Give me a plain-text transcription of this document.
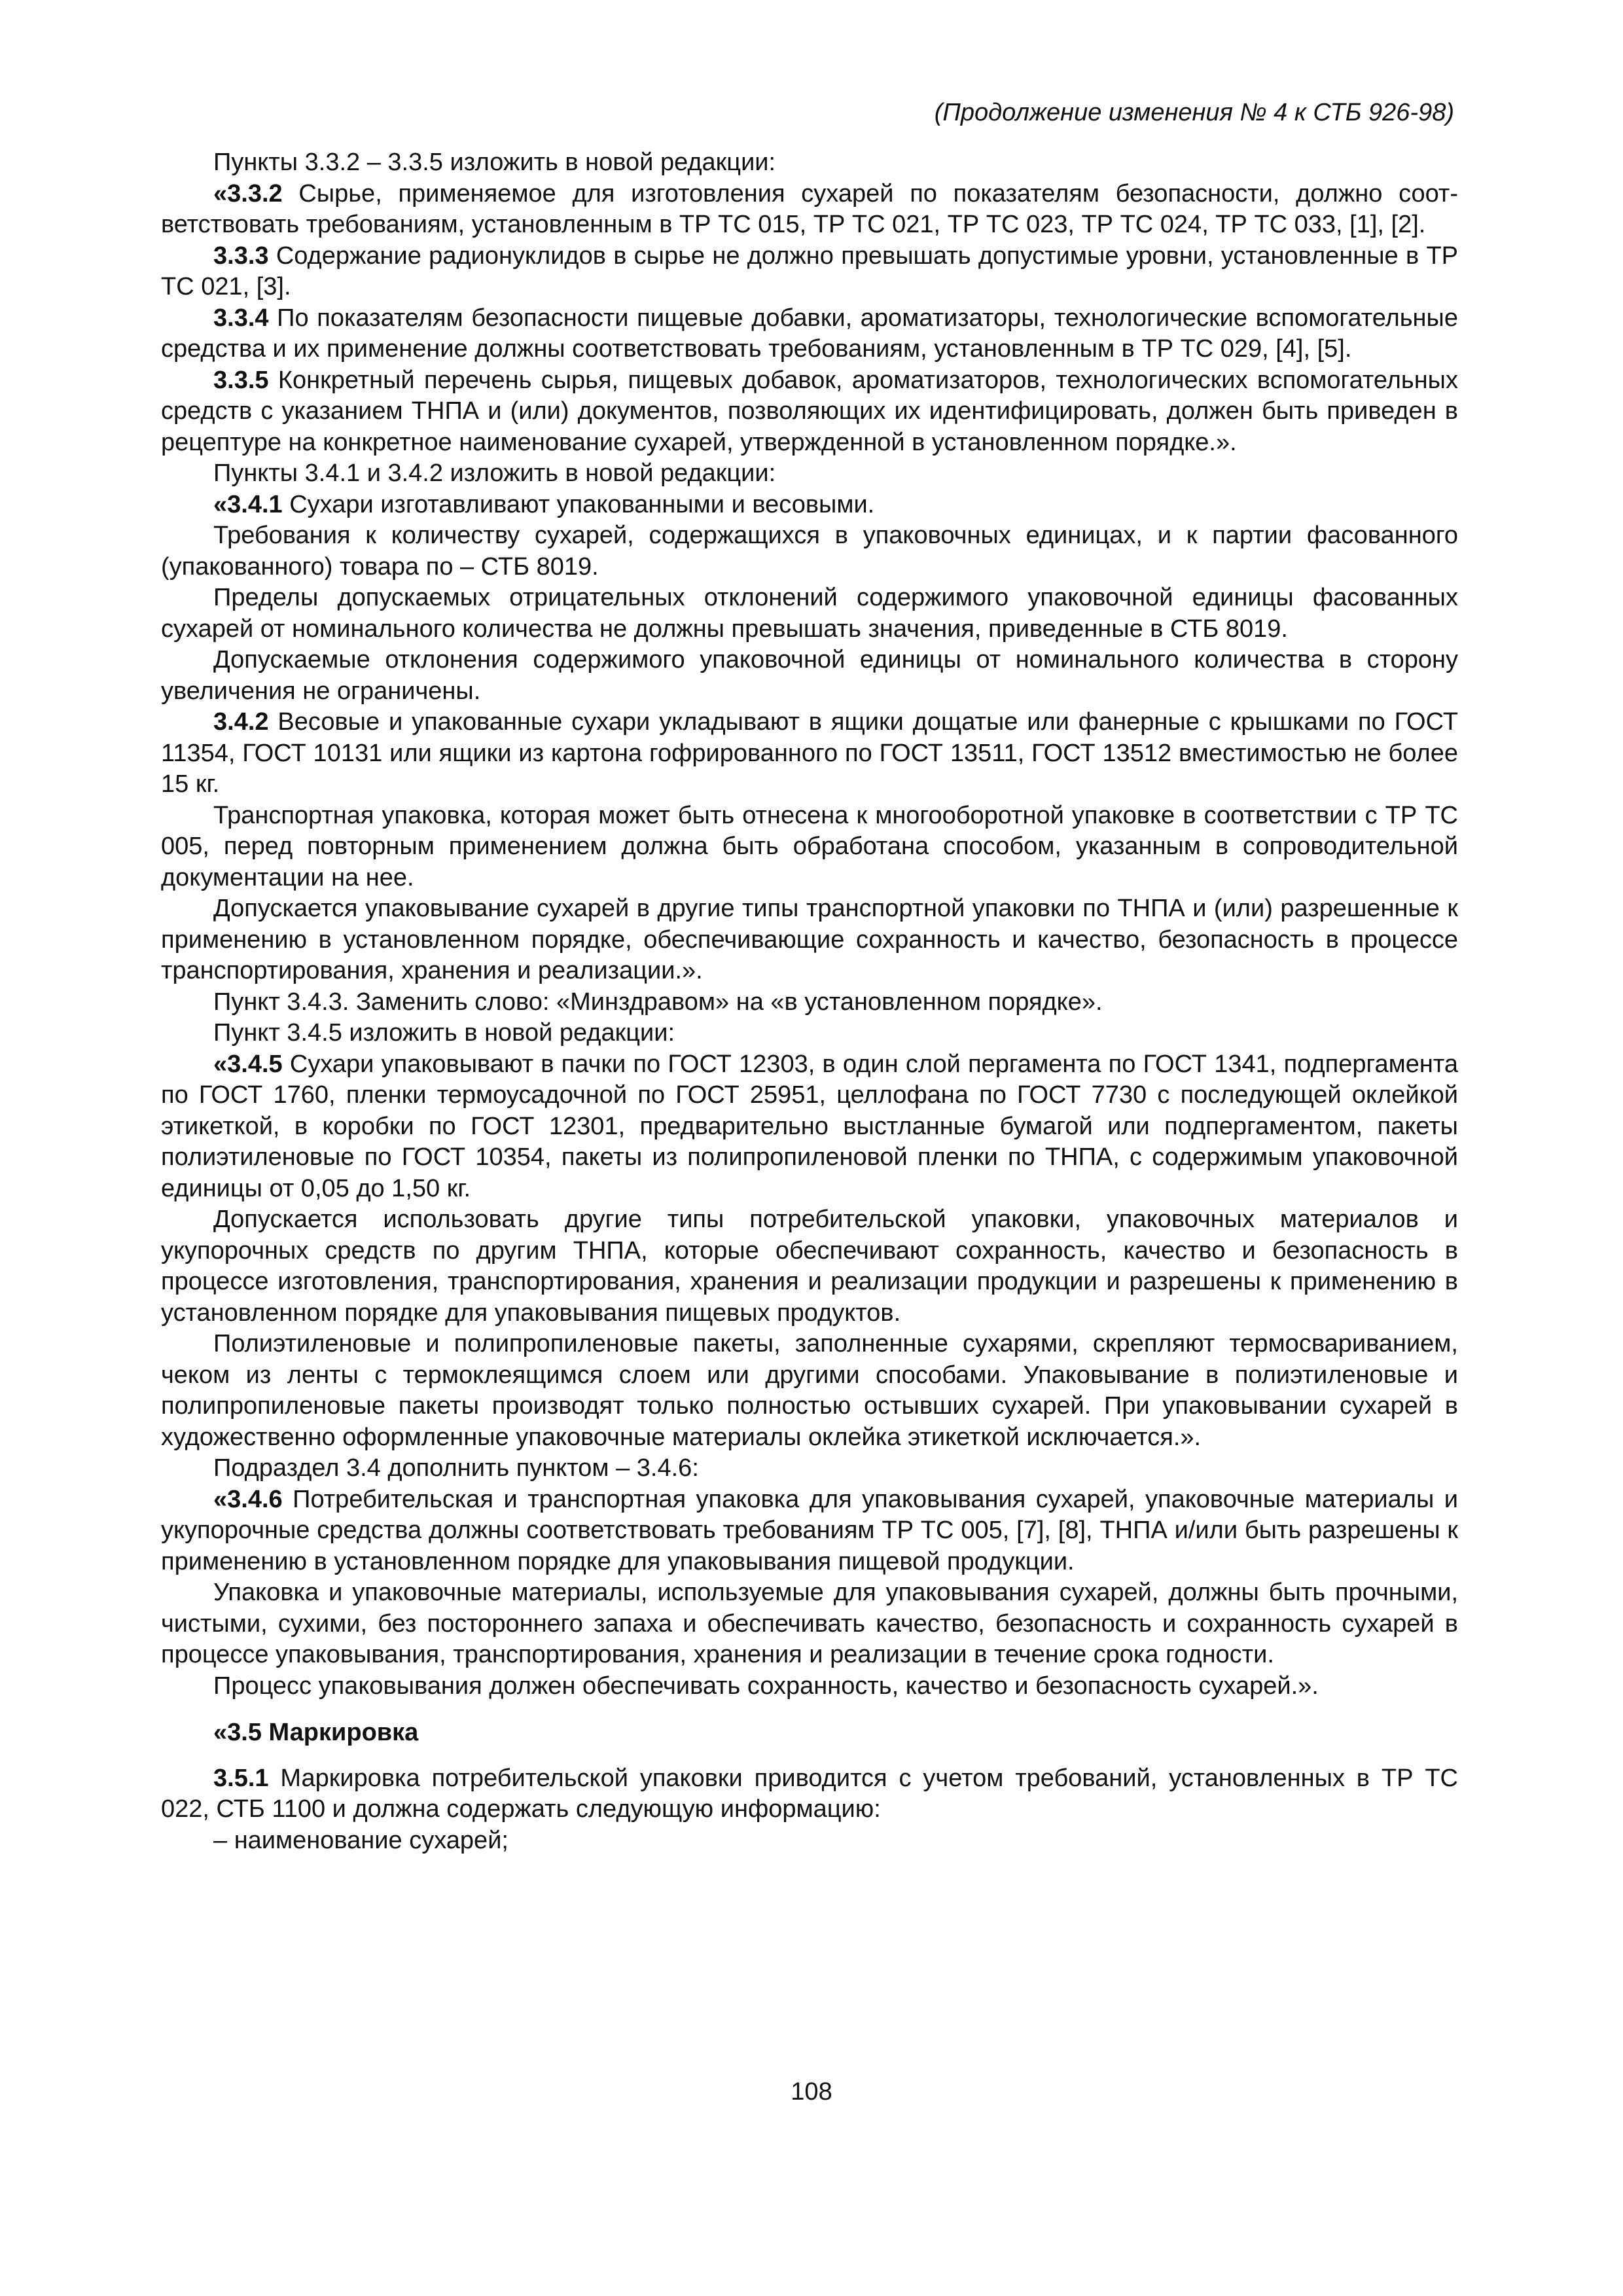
(Продолжение изменения № 4 к СТБ 926-98)

Пункты 3.3.2 – 3.3.5 изложить в новой редакции:

«3.3.2 Сырье, применяемое для изготовления сухарей по показателям безопасности, должно соответствовать требованиям, установленным в ТР ТС 015, ТР ТС 021, ТР ТС 023, ТР ТС 024, ТР ТС 033, [1], [2].

3.3.3 Содержание радионуклидов в сырье не должно превышать допустимые уровни, установленные в ТР ТС 021, [3].

3.3.4 По показателям безопасности пищевые добавки, ароматизаторы, технологические вспомогательные средства и их применение должны соответствовать требованиям, установленным в ТР ТС 029, [4], [5].

3.3.5 Конкретный перечень сырья, пищевых добавок, ароматизаторов, технологических вспомогательных средств с указанием ТНПА и (или) документов, позволяющих их идентифицировать, должен быть приведен в рецептуре на конкретное наименование сухарей, утвержденной в установленном порядке.».

Пункты 3.4.1 и 3.4.2 изложить в новой редакции:

«3.4.1 Сухари изготавливают упакованными и весовыми.

Требования к количеству сухарей, содержащихся в упаковочных единицах, и к партии фасованного (упакованного) товара по – СТБ 8019.

Пределы допускаемых отрицательных отклонений содержимого упаковочной единицы фасованных сухарей от номинального количества не должны превышать значения, приведенные в СТБ 8019.

Допускаемые отклонения содержимого упаковочной единицы от номинального количества в сторону увеличения не ограничены.

3.4.2 Весовые и упакованные сухари укладывают в ящики дощатые или фанерные с крышками по ГОСТ 11354, ГОСТ 10131 или ящики из картона гофрированного по ГОСТ 13511, ГОСТ 13512 вместимостью не более 15 кг.

Транспортная упаковка, которая может быть отнесена к многооборотной упаковке в соответствии с ТР ТС 005, перед повторным применением должна быть обработана способом, указанным в сопроводительной документации на нее.

Допускается упаковывание сухарей в другие типы транспортной упаковки по ТНПА и (или) разрешенные к применению в установленном порядке, обеспечивающие сохранность и качество, безопасность в процессе транспортирования, хранения и реализации.».

Пункт 3.4.3. Заменить слово: «Минздравом» на «в установленном порядке».

Пункт 3.4.5 изложить в новой редакции:

«3.4.5 Сухари упаковывают в пачки по ГОСТ 12303, в один слой пергамента по ГОСТ 1341, подпергамента по ГОСТ 1760, пленки термоусадочной по ГОСТ 25951, целлофана по ГОСТ 7730 с последующей оклейкой этикеткой, в коробки по ГОСТ 12301, предварительно выстланные бумагой или подпергаментом, пакеты полиэтиленовые по ГОСТ 10354, пакеты из полипропиленовой пленки по ТНПА, с содержимым упаковочной единицы от 0,05 до 1,50 кг.

Допускается использовать другие типы потребительской упаковки, упаковочных материалов и укупорочных средств по другим ТНПА, которые обеспечивают сохранность, качество и безопасность в процессе изготовления, транспортирования, хранения и реализации продукции и разрешены к применению в установленном порядке для упаковывания пищевых продуктов.

Полиэтиленовые и полипропиленовые пакеты, заполненные сухарями, скрепляют термосвариванием, чеком из ленты с термоклеящимся слоем или другими способами. Упаковывание в полиэтиленовые и полипропиленовые пакеты производят только полностью остывших сухарей. При упаковывании сухарей в художественно оформленные упаковочные материалы оклейка этикеткой исключается.».

Подраздел 3.4 дополнить пунктом – 3.4.6:

«3.4.6 Потребительская и транспортная упаковка для упаковывания сухарей, упаковочные материалы и укупорочные средства должны соответствовать требованиям ТР ТС 005, [7], [8], ТНПА и/или быть разрешены к применению в установленном порядке для упаковывания пищевой продукции.

Упаковка и упаковочные материалы, используемые для упаковывания сухарей, должны быть прочными, чистыми, сухими, без постороннего запаха и обеспечивать качество, безопасность и сохранность сухарей в процессе упаковывания, транспортирования, хранения и реализации в течение срока годности.

Процесс упаковывания должен обеспечивать сохранность, качество и безопасность сухарей.».

«3.5 Маркировка

3.5.1 Маркировка потребительской упаковки приводится с учетом требований, установленных в ТР ТС 022, СТБ 1100 и должна содержать следующую информацию:

– наименование сухарей;

108
